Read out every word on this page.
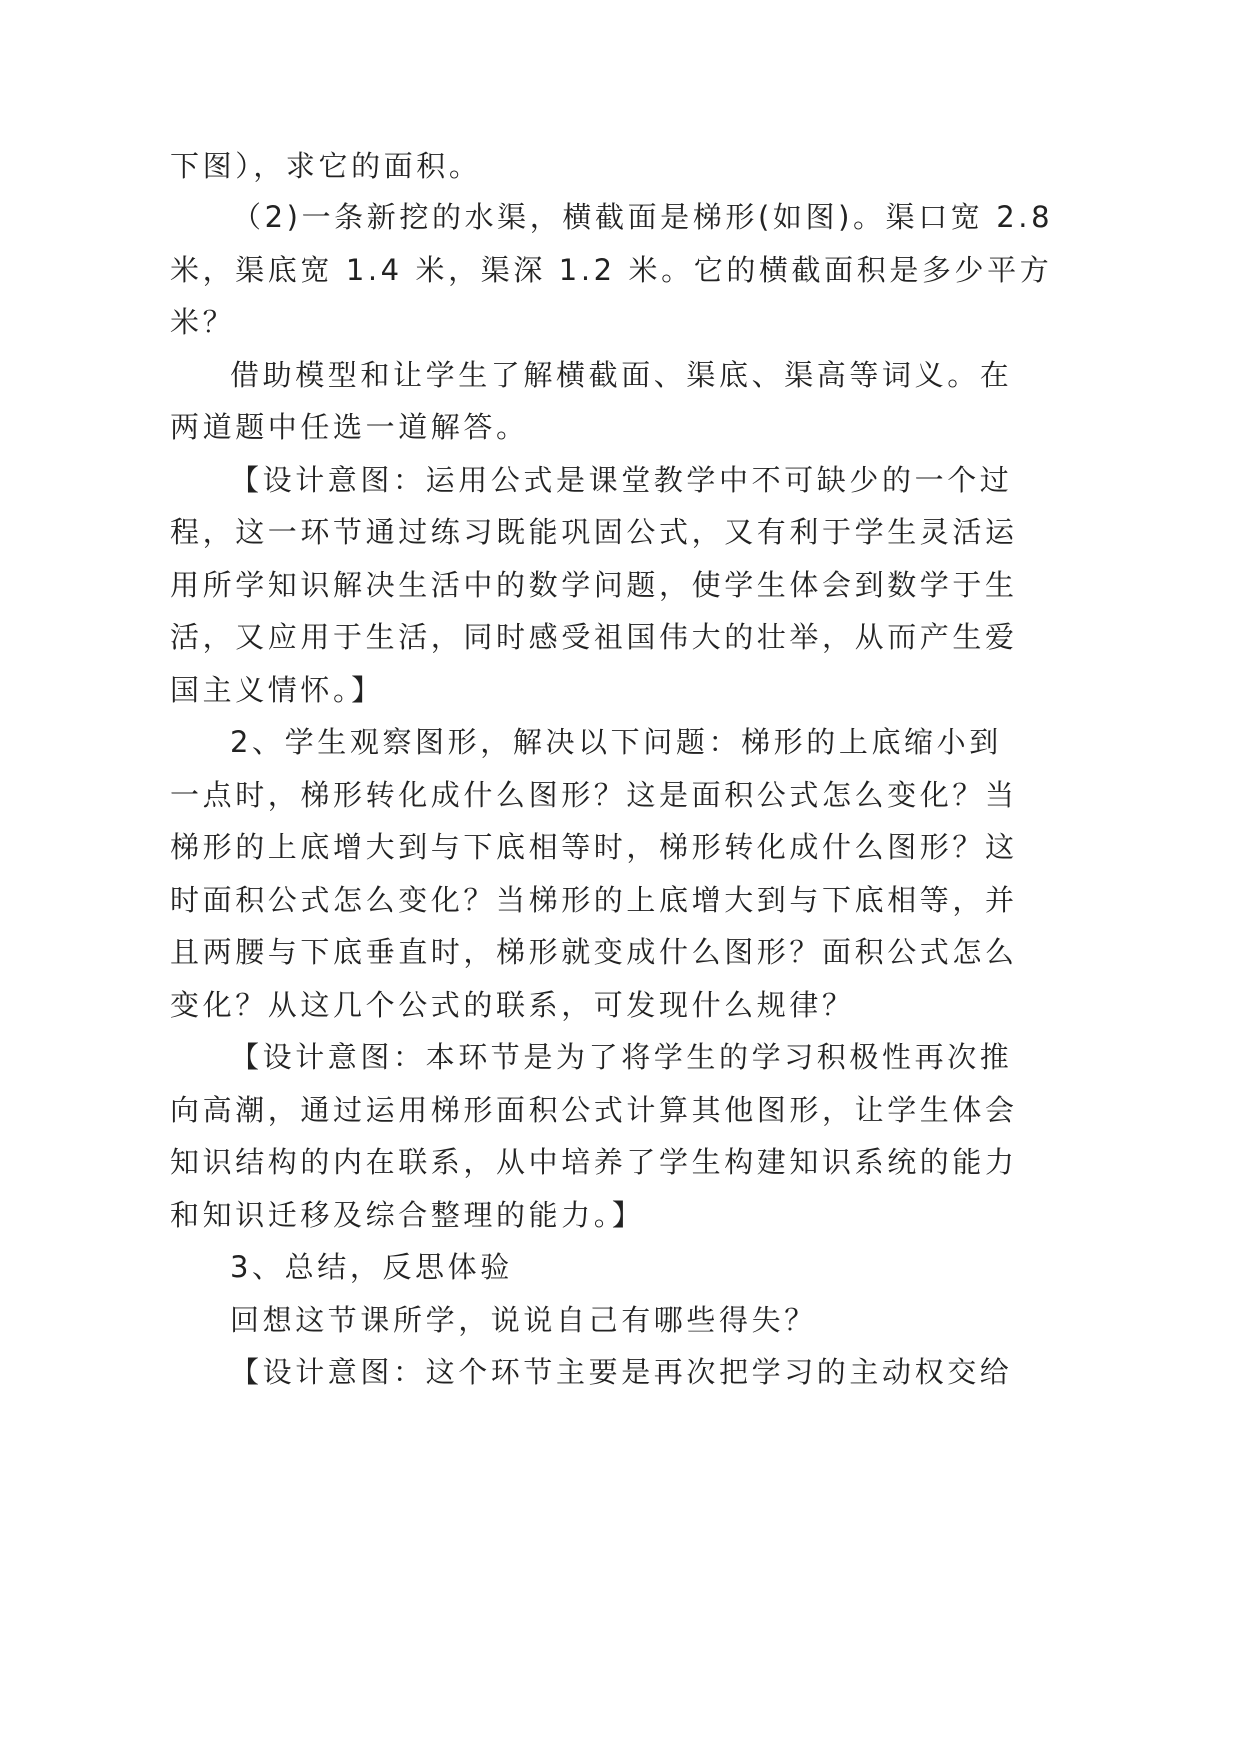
下图），求它的面积。
（2)一条新挖的水渠，横截面是梯形(如图)。渠口宽 2.8
米，渠底宽 1.4 米，渠深 1.2 米。它的横截面积是多少平方
米？
借助模型和让学生了解横截面、渠底、渠高等词义。在
两道题中任选一道解答。
【设计意图：运用公式是课堂教学中不可缺少的一个过
程，这一环节通过练习既能巩固公式，又有利于学生灵活运
用所学知识解决生活中的数学问题，使学生体会到数学于生
活，又应用于生活，同时感受祖国伟大的壮举，从而产生爱
国主义情怀。】
2、学生观察图形，解决以下问题：梯形的上底缩小到
一点时，梯形转化成什么图形？这是面积公式怎么变化？当
梯形的上底增大到与下底相等时，梯形转化成什么图形？这
时面积公式怎么变化？当梯形的上底增大到与下底相等，并
且两腰与下底垂直时，梯形就变成什么图形？面积公式怎么
变化？从这几个公式的联系，可发现什么规律？
【设计意图：本环节是为了将学生的学习积极性再次推
向高潮，通过运用梯形面积公式计算其他图形，让学生体会
知识结构的内在联系，从中培养了学生构建知识系统的能力
和知识迁移及综合整理的能力。】
3、总结，反思体验
回想这节课所学，说说自己有哪些得失？
【设计意图：这个环节主要是再次把学习的主动权交给
